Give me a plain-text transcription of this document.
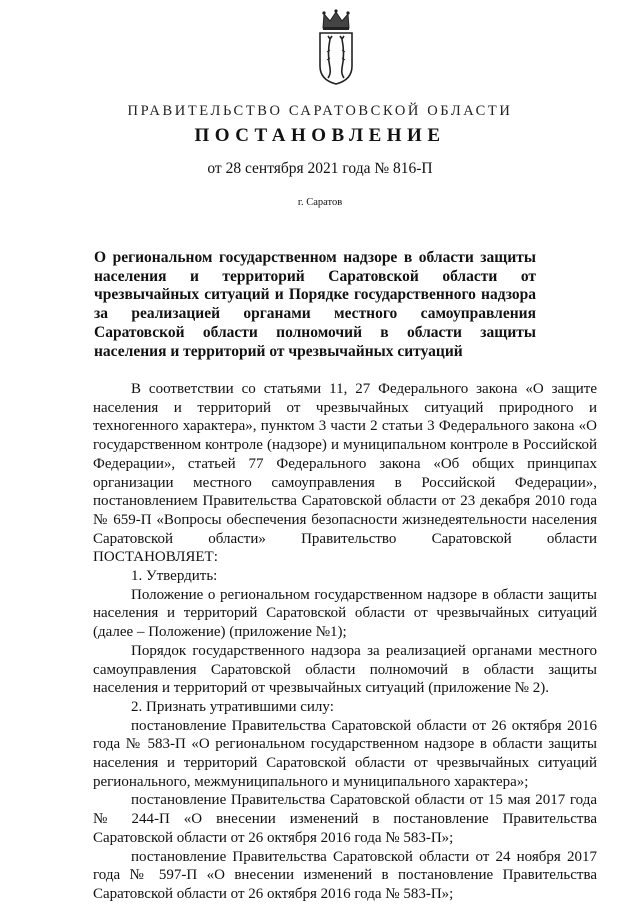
ПРАВИТЕЛЬСТВО САРАТОВСКОЙ ОБЛАСТИ
ПОСТАНОВЛЕНИЕ
от 28 сентября 2021 года № 816-П
г. Саратов
О региональном государственном надзоре в области защиты населения и территорий Саратовской области от чрезвычайных ситуаций и Порядке государственного надзора за реализацией органами местного самоуправления Саратовской области полномочий в области защиты населения и территорий от чрезвычайных ситуаций

В соответствии со статьями 11, 27 Федерального закона «О защите населения и территорий от чрезвычайных ситуаций природного и техногенного характера», пунктом 3 части 2 статьи 3 Федерального закона «О государственном контроле (надзоре) и муниципальном контроле в Российской Федерации», статьей 77 Федерального закона «Об общих принципах организации местного самоуправления в Российской Федерации», постановлением Правительства Саратовской области от 23 декабря 2010 года № 659-П «Вопросы обеспечения безопасности жизнедеятельности населения Саратовской области» Правительство Саратовской области ПОСТАНОВЛЯЕТ:

1. Утвердить:

Положение о региональном государственном надзоре в области защиты населения и территорий Саратовской области от чрезвычайных ситуаций (далее – Положение) (приложение №1);

Порядок государственного надзора за реализацией органами местного самоуправления Саратовской области полномочий в области защиты населения и территорий от чрезвычайных ситуаций (приложение № 2).

2. Признать утратившими силу:

постановление Правительства Саратовской области от 26 октября 2016 года № 583-П «О региональном государственном надзоре в области защиты населения и территорий Саратовской области от чрезвычайных ситуаций регионального, межмуниципального и муниципального характера»;

постановление Правительства Саратовской области от 15 мая 2017 года № 244-П «О внесении изменений в постановление Правительства Саратовской области от 26 октября 2016 года № 583-П»;

постановление Правительства Саратовской области от 24 ноября 2017 года № 597-П «О внесении изменений в постановление Правительства Саратовской области от 26 октября 2016 года № 583-П»;
